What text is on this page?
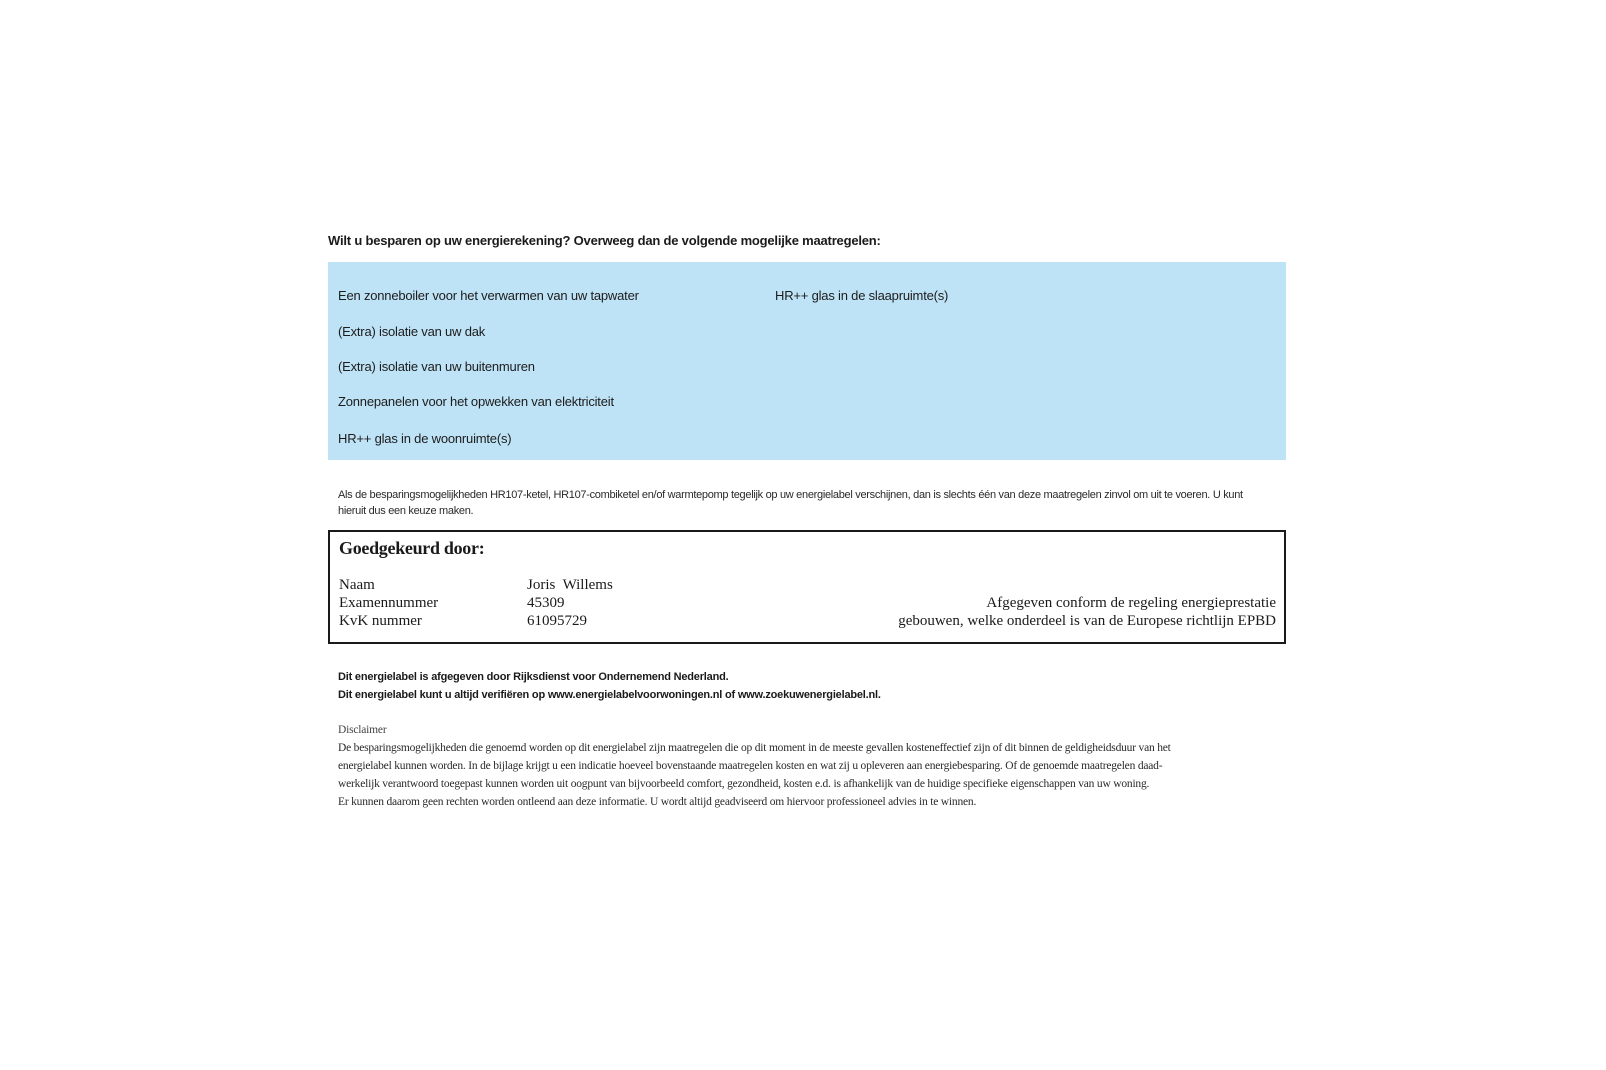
Wilt u besparen op uw energierekening? Overweeg dan de volgende mogelijke maatregelen:

Een zonneboiler voor het verwarmen van uw tapwater
(Extra) isolatie van uw dak
(Extra) isolatie van uw buitenmuren
Zonnepanelen voor het opwekken van elektriciteit
HR++ glas in de woonruimte(s)
HR++ glas in de slaapruimte(s)
Als de besparingsmogelijkheden HR107-ketel, HR107-combiketel en/of warmtepomp tegelijk op uw energielabel verschijnen, dan is slechts één van deze maatregelen zinvol om uit te voeren. U kunt hieruit dus een keuze maken.
Goedgekeurd door:
Naam	Joris  Willems
Examennummer	45309
KvK nummer	61095729
Afgegeven conform de regeling energieprestatie
gebouwen, welke onderdeel is van de Europese richtlijn EPBD
Dit energielabel is afgegeven door Rijksdienst voor Ondernemend Nederland.
Dit energielabel kunt u altijd verifiëren op www.energielabelvoorwoningen.nl of www.zoekuwenergielabel.nl.
Disclaimer
De besparingsmogelijkheden die genoemd worden op dit energielabel zijn maatregelen die op dit moment in de meeste gevallen kosteneffectief zijn of dit binnen de geldigheidsduur van het
energielabel kunnen worden. In de bijlage krijgt u een indicatie hoeveel bovenstaande maatregelen kosten en wat zij u opleveren aan energiebesparing. Of de genoemde maatregelen daad-
werkelijk verantwoord toegepast kunnen worden uit oogpunt van bijvoorbeeld comfort, gezondheid, kosten e.d. is afhankelijk van de huidige specifieke eigenschappen van uw woning.
Er kunnen daarom geen rechten worden ontleend aan deze informatie. U wordt altijd geadviseerd om hiervoor professioneel advies in te winnen.
